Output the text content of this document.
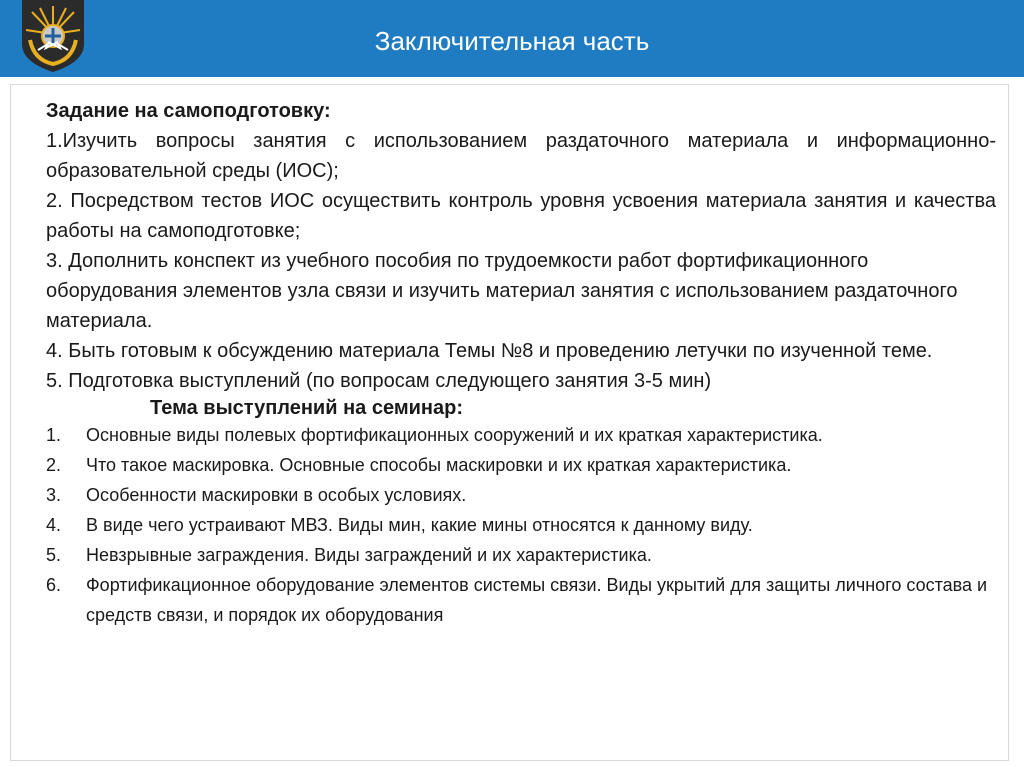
Заключительная часть
Задание на самоподготовку:
1.Изучить вопросы занятия с использованием раздаточного материала и информационно-образовательной среды (ИОС);
2. Посредством тестов ИОС осуществить контроль уровня усвоения материала занятия и качества работы на самоподготовке;
3. Дополнить конспект из учебного пособия по трудоемкости работ фортификационного оборудования элементов узла связи и изучить материал занятия с использованием раздаточного материала.
4. Быть готовым к обсуждению материала Темы №8 и проведению летучки по изученной теме.
5. Подготовка выступлений (по вопросам следующего занятия 3-5 мин)
Тема выступлений на семинар:
1. Основные виды полевых фортификационных сооружений и их краткая характеристика.
2. Что такое маскировка. Основные способы маскировки и их краткая характеристика.
3. Особенности маскировки в особых условиях.
4. В виде чего устраивают МВЗ. Виды мин, какие мины относятся к данному виду.
5. Невзрывные заграждения. Виды заграждений и их характеристика.
6. Фортификационное оборудование элементов системы связи. Виды укрытий для защиты личного состава и средств связи, и порядок их оборудования
